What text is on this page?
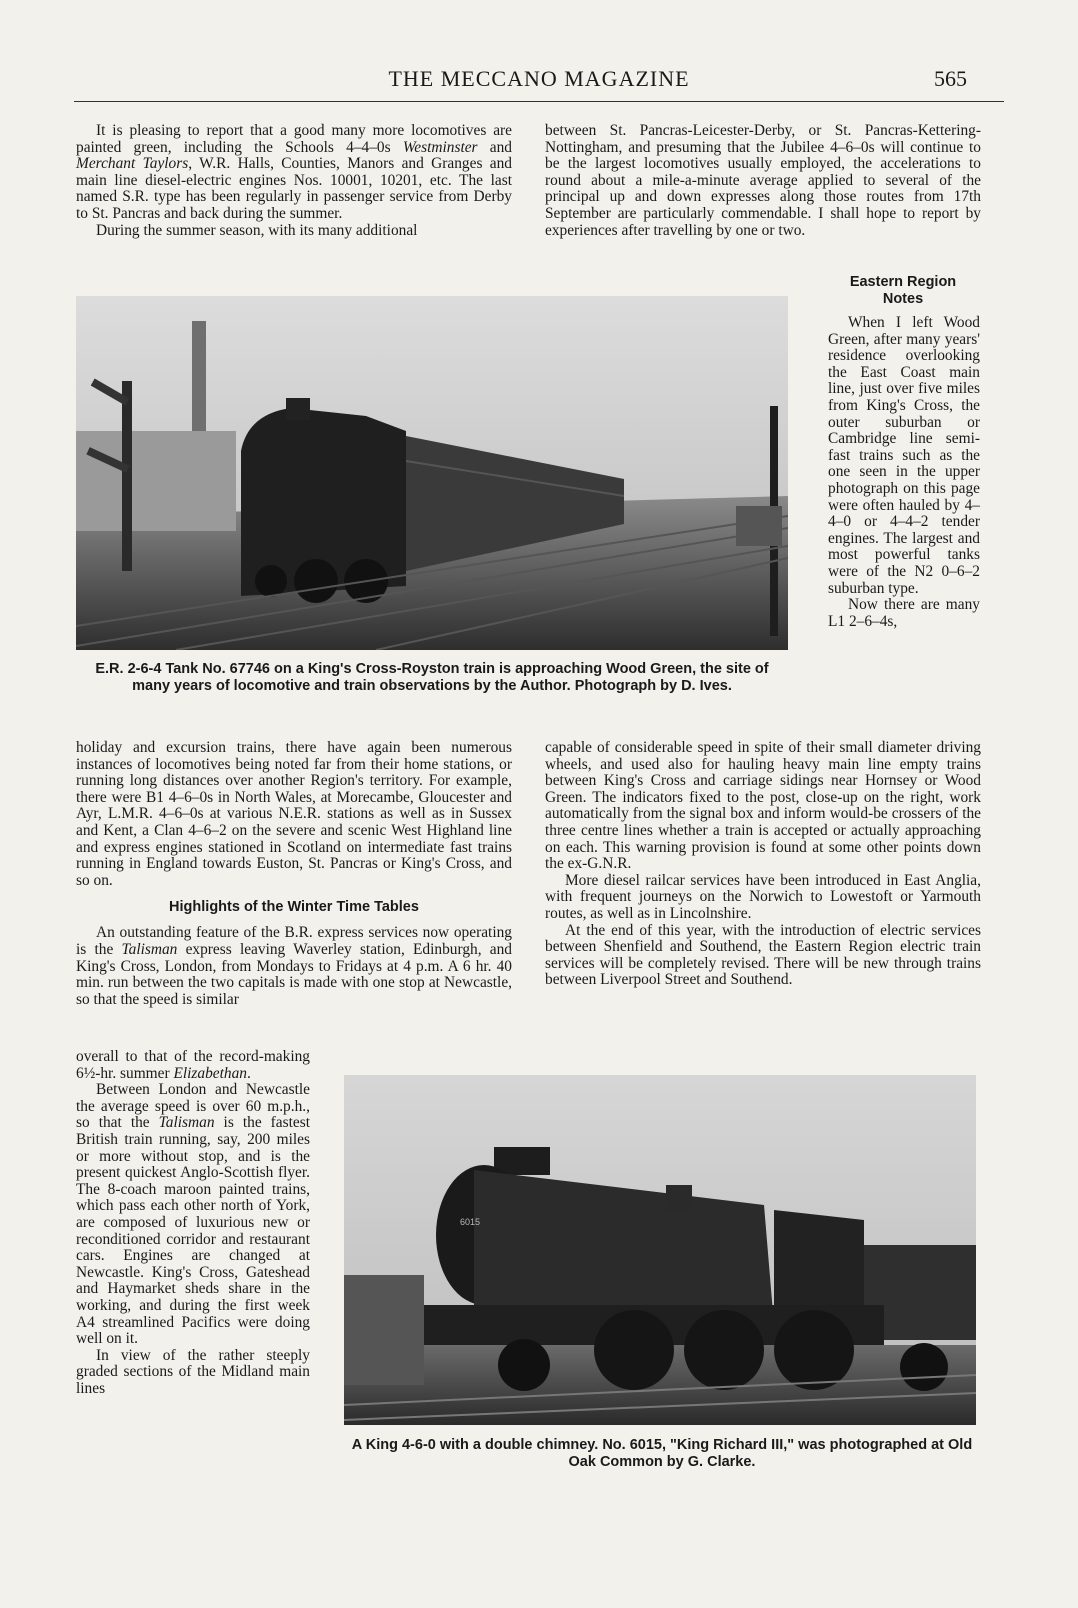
THE MECCANO MAGAZINE	565

It is pleasing to report that a good many more locomotives are painted green, including the Schools 4–4–0s Westminster and Merchant Taylors, W.R. Halls, Counties, Manors and Granges and main line diesel-electric engines Nos. 10001, 10201, etc. The last named S.R. type has been regularly in passenger service from Derby to St. Pancras and back during the summer.

During the summer season, with its many additional

between St. Pancras-Leicester-Derby, or St. Pancras-Kettering-Nottingham, and presuming that the Jubilee 4–6–0s will continue to be the largest locomotives usually employed, the accelerations to round about a mile-a-minute average applied to several of the principal up and down expresses along those routes from 17th September are particularly commendable. I shall hope to report by experiences after travelling by one or two.

E.R. 2-6-4 Tank No. 67746 on a King's Cross-Royston train is approaching Wood Green, the site of many years of locomotive and train observations by the Author. Photograph by D. Ives.
Eastern Region Notes

When I left Wood Green, after many years' residence overlooking the East Coast main line, just over five miles from King's Cross, the outer suburban or Cambridge line semi-fast trains such as the one seen in the upper photograph on this page were often hauled by 4–4–0 or 4–4–2 tender engines. The largest and most powerful tanks were of the N2 0–6–2 suburban type.

Now there are many L1 2–6–4s,

holiday and excursion trains, there have again been numerous instances of locomotives being noted far from their home stations, or running long distances over another Region's territory. For example, there were B1 4–6–0s in North Wales, at Morecambe, Gloucester and Ayr, L.M.R. 4–6–0s at various N.E.R. stations as well as in Sussex and Kent, a Clan 4–6–2 on the severe and scenic West Highland line and express engines stationed in Scotland on intermediate fast trains running in England towards Euston, St. Pancras or King's Cross, and so on.

Highlights of the Winter Time Tables

An outstanding feature of the B.R. express services now operating is the Talisman express leaving Waverley station, Edinburgh, and King's Cross, London, from Mondays to Fridays at 4 p.m. A 6 hr. 40 min. run between the two capitals is made with one stop at Newcastle, so that the speed is similar

capable of considerable speed in spite of their small diameter driving wheels, and used also for hauling heavy main line empty trains between King's Cross and carriage sidings near Hornsey or Wood Green. The indicators fixed to the post, close-up on the right, work automatically from the signal box and inform would-be crossers of the three centre lines whether a train is accepted or actually approaching on each. This warning provision is found at some other points down the ex-G.N.R.

More diesel railcar services have been introduced in East Anglia, with frequent journeys on the Norwich to Lowestoft or Yarmouth routes, as well as in Lincolnshire.

At the end of this year, with the introduction of electric services between Shenfield and Southend, the Eastern Region electric train services will be completely revised. There will be new through trains between Liverpool Street and Southend.

overall to that of the record-making 6½-hr. summer Elizabethan.

Between London and Newcastle the average speed is over 60 m.p.h., so that the Talisman is the fastest British train running, say, 200 miles or more without stop, and is the present quickest Anglo-Scottish flyer. The 8-coach maroon painted trains, which pass each other north of York, are composed of luxurious new or reconditioned corridor and restaurant cars. Engines are changed at Newcastle. King's Cross, Gateshead and Haymarket sheds share in the working, and during the first week A4 streamlined Pacifics were doing well on it.

In view of the rather steeply graded sections of the Midland main lines

6015
A King 4-6-0 with a double chimney. No. 6015, "King Richard III," was photographed at Old Oak Common by G. Clarke.
